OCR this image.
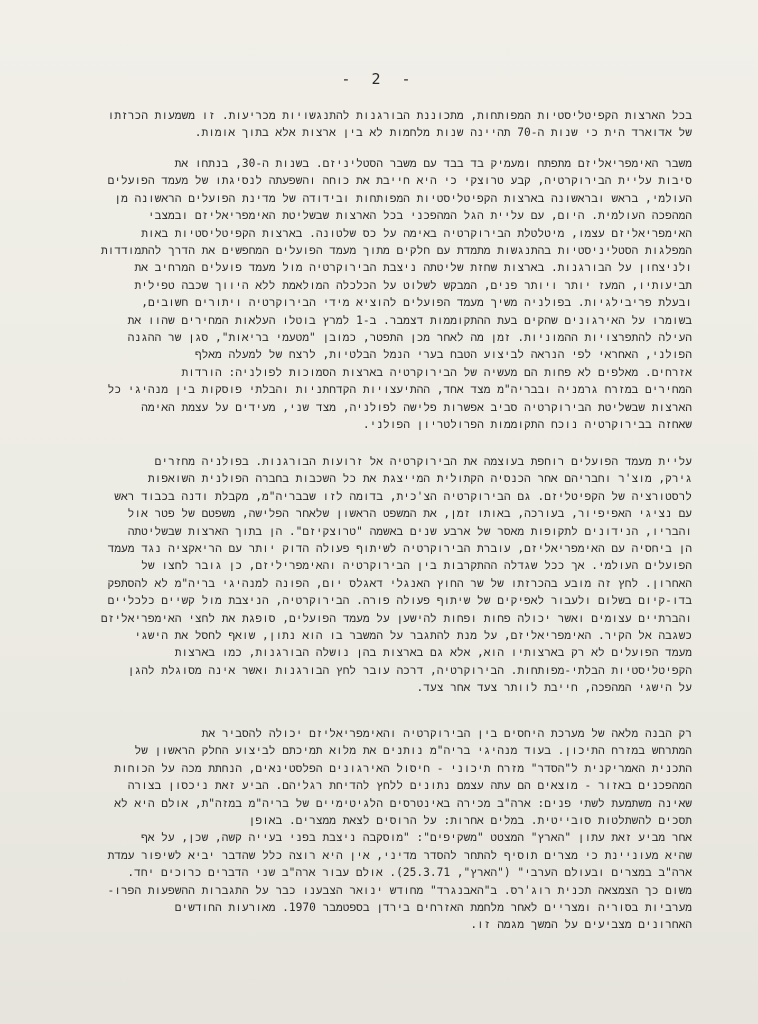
- 2 -
בכל הארצות הקפיטליסטיות המפותחות, מתכוננת הבורגנות להתנגשויות מכריעות. זו משמעות הכרזתו
של אדוארד הית כי שנות ה-70 תהיינה שנות מלחמות לא בין ארצות אלא בתוך אומות.
משבר האימפריאליזם מתפתח ומעמיק בד בבד עם משבר הסטליניזם. בשנות ה-30, בנתחו את
סיבות עליית הבירוקרטיה, קבע טרוצקי כי היא חייבת את כוחה והשפעתה לנסיגתו של מעמד הפועלים
העולמי, בראש ובראשונה בארצות הקפיטליסטיות המפותחות ובידודה של מדינת הפועלים הראשונה מן
המהפכה העולמית. היום, עם עליית הגל המהפכני בכל הארצות שבשליטת האימפריאליזם ובמצבי
האימפריאליזם עצמו, מיטלטלת הבירוקרטיה באימה על כס שלטונה. בארצות הקפיטליסטיות באות
המפלגות הסטליניסטיות בהתנגשות מתמדת עם חלקים מתוך מעמד הפועלים המחפשים את הדרך להתמודדות
ולניצחון על הבורגנות. בארצות שחזת שליטתה ניצבת הבירוקרטיה מול מעמד פועלים המרחיב את
תביעותיו, המעז יותר ויותר פנים, המבקש לשלוט על הכלכלה המולאמת ללא היווך שכבה טפילית
ובעלת פריבילגיות. בפולניה משיך מעמד הפועלים להוציא מידי הבירוקרטיה ויתורים חשובים,
בשומרו על האירגונים שהקים בעת ההתקוממות דצמבר. ב-1 למרץ בוטלו העלאות המחירים שהוו את
העילה להתפרצויות ההמוניות. זמן מה לאחר מכן התפטר, כמובן "מטעמי בריאות", סגן שר ההגנה
הפולני, האחראי לפי הנראה לביצוע הטבח בערי הנמל הבלטיות, לרצח של למעלה מאלף
אזרחים. מאלפים לא פחות הם מעשיה של הבירוקרטיה בארצות הסמוכות לפולניה: הורדות
המחירים במזרח גרמניה ובבריה"מ מצד אחד, ההתיעצויות הקדחתניות והבלתי פוסקות בין מנהיגי כל
הארצות שבשליטת הבירוקרטיה סביב אפשרות פלישה לפולניה, מצד שני, מעידים על עצמת האימה
שאחזה בבירוקרטיה נוכח התקוממות הפרולטריון הפולני.
עליית מעמד הפועלים רוחפת בעוצמה את הבירוקרטיה אל זרועות הבורגנות. בפולניה מחזרים
גירק, מוצ'ר וחבריהם אחר הכנסיה הקתולית המייצגת את כל השכבות בחברה הפולנית השואפות
לרסטורציה של הקפיטליזם. גם הבירוקרטיה הצ'כית, בדומה לזו שבבריה"מ, מקבלת ודנה בכבוד ראש
עם נציגי האפיפיור, בעורכה, באותו זמן, את המשפט הראשון שלאחר הפלישה, משפטם של פטר אול
והבריו, הנידונים לתקופות מאסר של ארבע שנים באשמה "טרוצקיזם". הן בתוך הארצות שבשליטתה
הן ביחסיה עם האימפריאליזם, עוברת הבירוקרטיה לשיתוף פעולה הדוק יותר עם הריאקציה נגד מעמד
הפועלים העולמי. אך ככל שגדלה ההתקרבות בין הבירוקרטיה והאימפריליזם, כן גובר לחצו של
האחרון. לחץ זה מובע בהכרזתו של שר החוץ האנגלי דאגלס יום, הפונה למנהיגי בריה"מ לא להסתפק
בדו-קיום בשלום ולעבור לאפיקים של שיתוף פעולה פורה. הבירוקרטיה, הניצבת מול קשיים כלכליים
והברתיים עצומים ואשר יכולה פחות ופחות להישען על מעמד הפועלים, סופגת את לחצי האימפריאליזם
כשגבה אל הקיר. האימפריאליזם, על מנת להתגבר על המשבר בו הוא נתון, שואף לחסל את הישגי
מעמד הפועלים לא רק בארצותיו הוא, אלא גם בארצות בהן נושלה הבורגנות, כמו בארצות
הקפיטליסטיות הבלתי-מפותחות. הבירוקרטיה, דרכה עובר לחץ הבורגנות ואשר אינה מסוגלת להגן
על הישגי המהפכה, חייבת לוותר צעד אחר צעד.
רק הבנה מלאה של מערכת היחסים בין הבירוקרטיה והאימפריאליזם יכולה להסביר את
המתרחש במזרח התיכון. בעוד מנהיגי בריה"מ נותנים את מלוא תמיכתם לביצוע החלק הראשון של
התכנית האמריקנית ל"הסדר" מזרח תיכוני - חיסול האירגונים הפלסטינאים, הנחתת מכה על הכוחות
המהפכנים באזור - מוצאים הם עתה עצמם נתונים ללחץ להדיחת רגליהם. הביע זאת ניכסון בצורה
שאינה משתמעת לשתי פנים: ארה"ב מכירה באינטרסים הלגיטימיים של בריה"מ במזה"ת, אולם היא לא
תסכים להשתלטות סובייטית. במלים אחרות: על הרוסים לצאת ממצרים. באופן
אחר מביע זאת עתון "הארץ" המצטט "משקיפים": "מוסקבה ניצבת בפני בעייה קשה, שכן, על אף
שהיא מעוניינת כי מצרים תוסיף להתחר להסדר מדיני, אין היא רוצה כלל שהדבר יביא לשיפור עמדת
ארה"ב במצרים ובעולם הערבי" ("הארץ", 25.3.71). אולם עבור ארה"ב שני הדברים כרוכים יחד.
משום כך הצמצאה תכנית רוג'רס. ב"האבנגרד" מחודש ינואר הצבענו כבר על התגברות ההשפעות הפרו-
מערביות בסוריה ומצריים לאחר מלחמת האזרחים בירדן בספטמבר 1970. מאורעות החודשים
האחרונים מצביעים על המשך מגמה זו.
